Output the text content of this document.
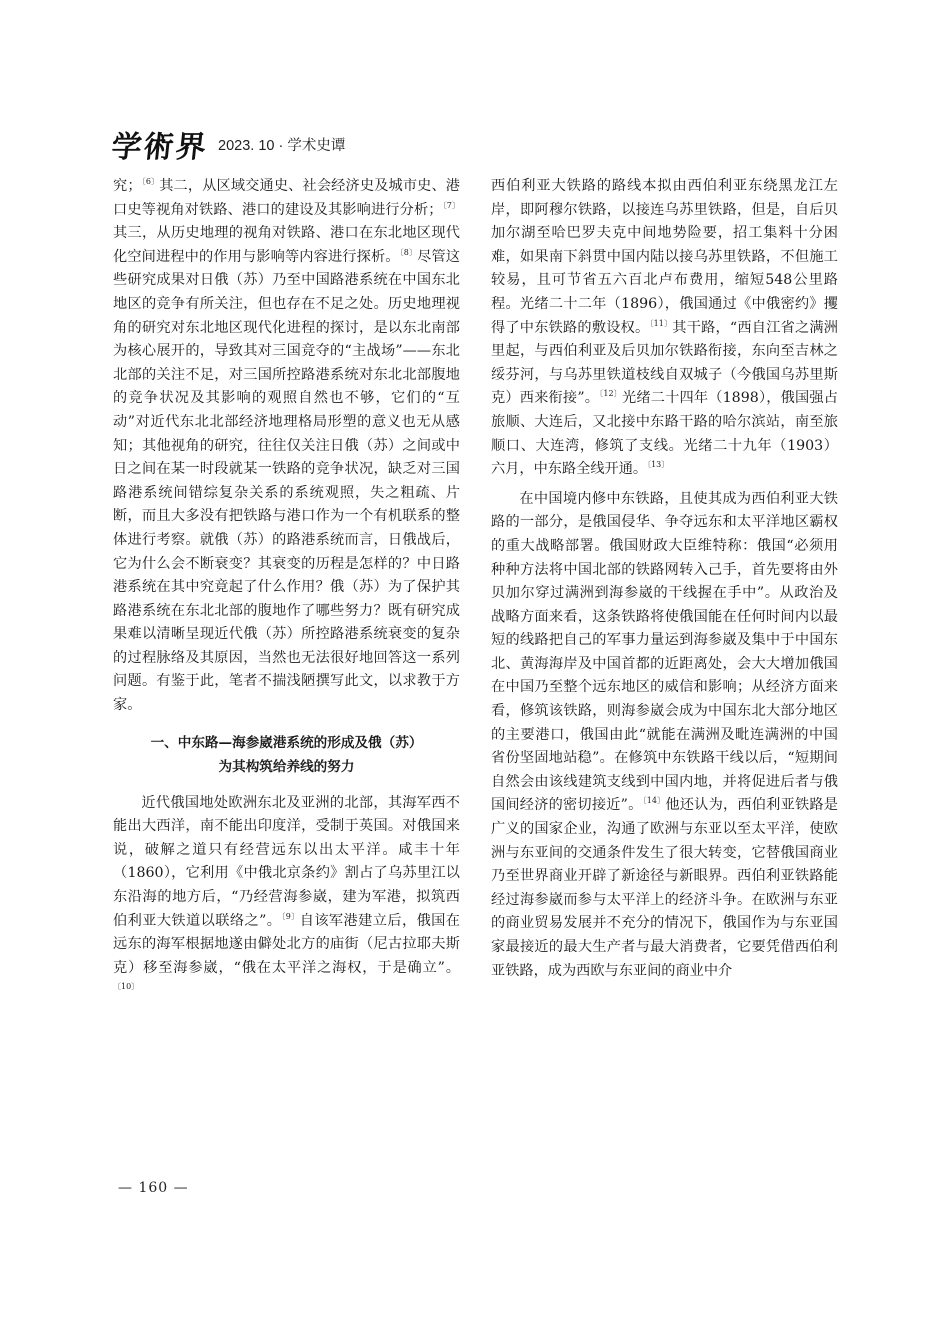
学術界 2023. 10 · 学术史谭

究；$^{〔6〕}$其二，从区域交通史、社会经济史及城市史、港口史等视角对铁路、港口的建设及其影响进行分析；$^{〔7〕}$其三，从历史地理的视角对铁路、港口在东北地区现代化空间进程中的作用与影响等内容进行探析。$^{〔8〕}$尽管这些研究成果对日俄（苏）乃至中国路港系统在中国东北地区的竞争有所关注，但也存在不足之处。历史地理视角的研究对东北地区现代化进程的探讨，是以东北南部为核心展开的，导致其对三国竞夺的“主战场”——东北北部的关注不足，对三国所控路港系统对东北北部腹地的竞争状况及其影响的观照自然也不够，它们的“互动”对近代东北北部经济地理格局形塑的意义也无从感知；其他视角的研究，往往仅关注日俄（苏）之间或中日之间在某一时段就某一铁路的竞争状况，缺乏对三国路港系统间错综复杂关系的系统观照，失之粗疏、片断，而且大多没有把铁路与港口作为一个有机联系的整体进行考察。就俄（苏）的路港系统而言，日俄战后，它为什么会不断衰变？其衰变的历程是怎样的？中日路港系统在其中究竟起了什么作用？俄（苏）为了保护其路港系统在东北北部的腹地作了哪些努力？既有研究成果难以清晰呈现近代俄（苏）所控路港系统衰变的复杂的过程脉络及其原因，当然也无法很好地回答这一系列问题。有鉴于此，笔者不揣浅陋撰写此文，以求教于方家。

一、中东路—海参崴港系统的形成及俄（苏）
为其构筑给养线的努力

近代俄国地处欧洲东北及亚洲的北部，其海军西不能出大西洋，南不能出印度洋，受制于英国。对俄国来说，破解之道只有经营远东以出太平洋。咸丰十年（1860），它利用《中俄北京条约》割占了乌苏里江以东沿海的地方后，“乃经营海参崴，建为军港，拟筑西伯利亚大铁道以联络之”。$^{〔9〕}$自该军港建立后，俄国在远东的海军根据地遂由僻处北方的庙街（尼古拉耶夫斯克）移至海参崴，“俄在太平洋之海权，于是确立”。$^{〔10〕}$

西伯利亚大铁路的路线本拟由西伯利亚东绕黑龙江左岸，即阿穆尔铁路，以接连乌苏里铁路，但是，自后贝加尔湖至哈巴罗夫克中间地势险要，招工集料十分困难，如果南下斜贯中国内陆以接乌苏里铁路，不但施工较易，且可节省五六百北卢布费用，缩短548公里路程。光绪二十二年（1896），俄国通过《中俄密约》攫得了中东铁路的敷设权。$^{〔11〕}$其干路，“西自江省之满洲里起，与西伯利亚及后贝加尔铁路衔接，东向至吉林之绥芬河，与乌苏里铁道枝线自双城子（今俄国乌苏里斯克）西来衔接”。$^{〔12〕}$光绪二十四年（1898），俄国强占旅顺、大连后，又北接中东路干路的哈尔滨站，南至旅顺口、大连湾，修筑了支线。光绪二十九年（1903）六月，中东路全线开通。$^{〔13〕}$

在中国境内修中东铁路，且使其成为西伯利亚大铁路的一部分，是俄国侵华、争夺远东和太平洋地区霸权的重大战略部署。俄国财政大臣维特称：俄国“必须用种种方法将中国北部的铁路网转入己手，首先要将由外贝加尔穿过满洲到海参崴的干线握在手中”。从政治及战略方面来看，这条铁路将使俄国能在任何时间内以最短的线路把自己的军事力量运到海参崴及集中于中国东北、黄海海岸及中国首都的近距离处，会大大增加俄国在中国乃至整个远东地区的威信和影响；从经济方面来看，修筑该铁路，则海参崴会成为中国东北大部分地区的主要港口，俄国由此“就能在满洲及毗连满洲的中国省份坚固地站稳”。在修筑中东铁路干线以后，“短期间自然会由该线建筑支线到中国内地，并将促进后者与俄国间经济的密切接近”。$^{〔14〕}$他还认为，西伯利亚铁路是广义的国家企业，沟通了欧洲与东亚以至太平洋，使欧洲与东亚间的交通条件发生了很大转变，它替俄国商业乃至世界商业开辟了新途径与新眼界。西伯利亚铁路能经过海参崴而参与太平洋上的经济斗争。在欧洲与东亚的商业贸易发展并不充分的情况下，俄国作为与东亚国家最接近的最大生产者与最大消费者，它要凭借西伯利亚铁路，成为西欧与东亚间的商业中介

— 160 —
